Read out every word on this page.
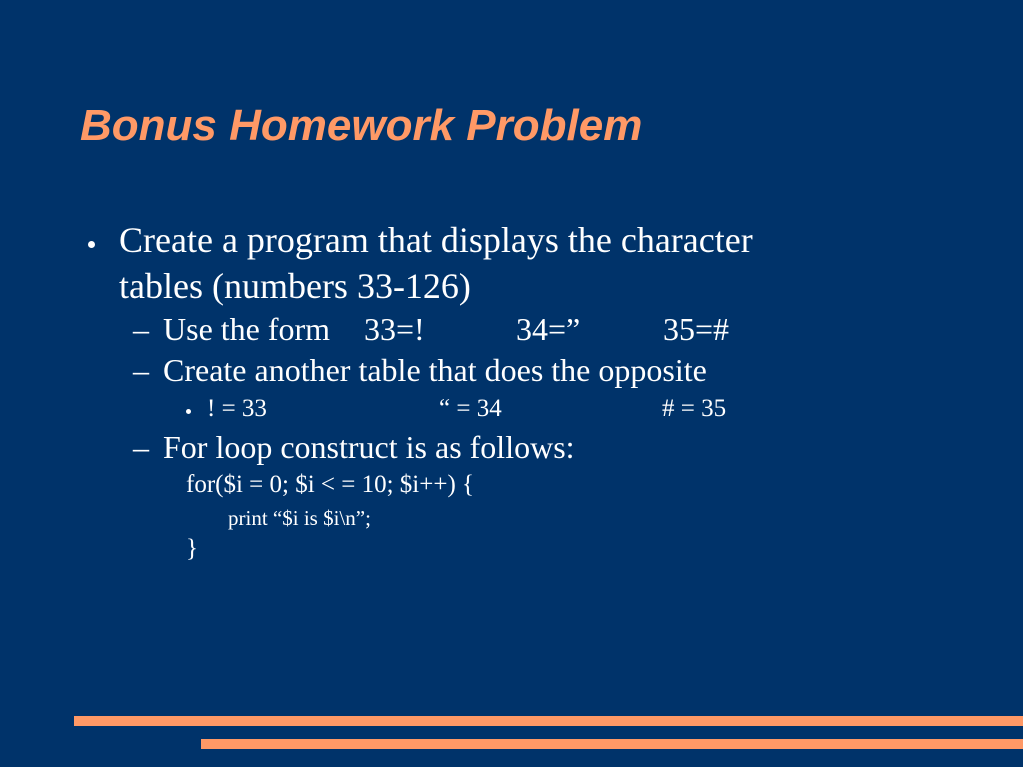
Bonus Homework Problem
Create a program that displays the character
tables (numbers 33-126)
– Use the form 33=!	34=”	35=#
– Create another table that does the opposite
! = 33	“ = 34	# = 35
– For loop construct is as follows:
for($i = 0; $i < = 10; $i++) {
print “$i is $i\n”;
}
